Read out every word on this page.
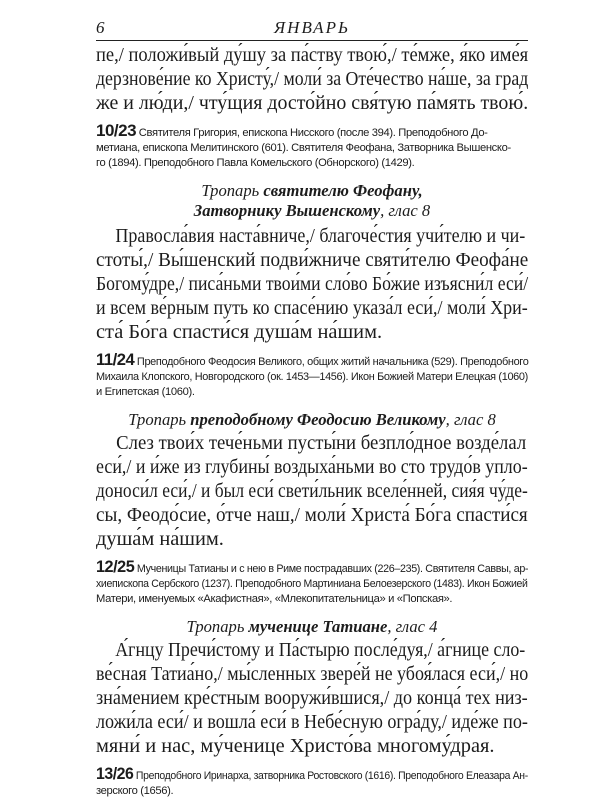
6	ЯНВАРЬ

пе,/ положи́вый ду́шу за па́ству твою́,/ те́мже, я́ко име́я
дерзнове́ние ко Христу́,/ моли́ за Оте́чество на́ше, за град
же и лю́ди,/ чту́щия досто́йно свя́тую па́мять твою́.

10/23 Святителя Григория, епископа Нисского (после 394). Преподобного До-
метиана, епископа Мелитинского (601). Святителя Феофана, Затворника Вышенско-
го (1894). Преподобного Павла Комельского (Обнорского) (1429).

Тропарь святителю Феофану,
Затворнику Вышенскому, глас 8

Правосла́вия наста́вниче,/ благоче́стия учи́телю и чи-
стоты́,/ Вы́шенский подви́жниче святи́телю Феофа́не
Богому́дре,/ писа́ньми твои́ми сло́во Бо́жие изъясни́л еси́/
и всем ве́рным путь ко спасе́нию указа́л еси́,/ моли́ Хри-
ста́ Бо́га спасти́ся душа́м на́шим.

11/24 Преподобного Феодосия Великого, общих житий начальника (529). Преподобного
Михаила Клопского, Новгородского (ок. 1453—1456). Икон Божией Матери Елецкая (1060)
и Египетская (1060).

Тропарь преподобному Феодосию Великому, глас 8

Слез твои́х тече́ньми пусты́ни безпло́дное возде́лал
еси́,/ и и́же из глубины́ воздыха́ньми во сто трудо́в упло-
доноси́л еси́,/ и был еси́ свети́льник вселе́нней, сия́я чу́де-
сы, Феодо́сие, о́тче наш,/ моли́ Христа́ Бо́га спасти́ся
душа́м на́шим.

12/25 Мученицы Татианы и с нею в Риме пострадавших (226–235). Святителя Саввы, ар-
хиепископа Сербского (1237). Преподобного Мартиниана Белоезерского (1483). Икон Божией
Матери, именуемых «Акафистная», «Млекопитательница» и «Попская».

Тропарь мученице Татиане, глас 4

А́гнцу Пречи́стому и Па́стырю после́дуя,/ а́гнице сло-
ве́сная Татиа́но,/ мы́сленных звере́й не убоя́лася еси́,/ но
зна́мением кре́стным вооружи́вшися,/ до конца́ тех низ-
ложи́ла еси́/ и вошла́ еси́ в Небе́сную огра́ду,/ иде́же по-
мяни́ и нас, му́ченице Христо́ва многому́драя.

13/26 Преподобного Иринарха, затворника Ростовского (1616). Преподобного Елеазара Ан-
зерского (1656).
